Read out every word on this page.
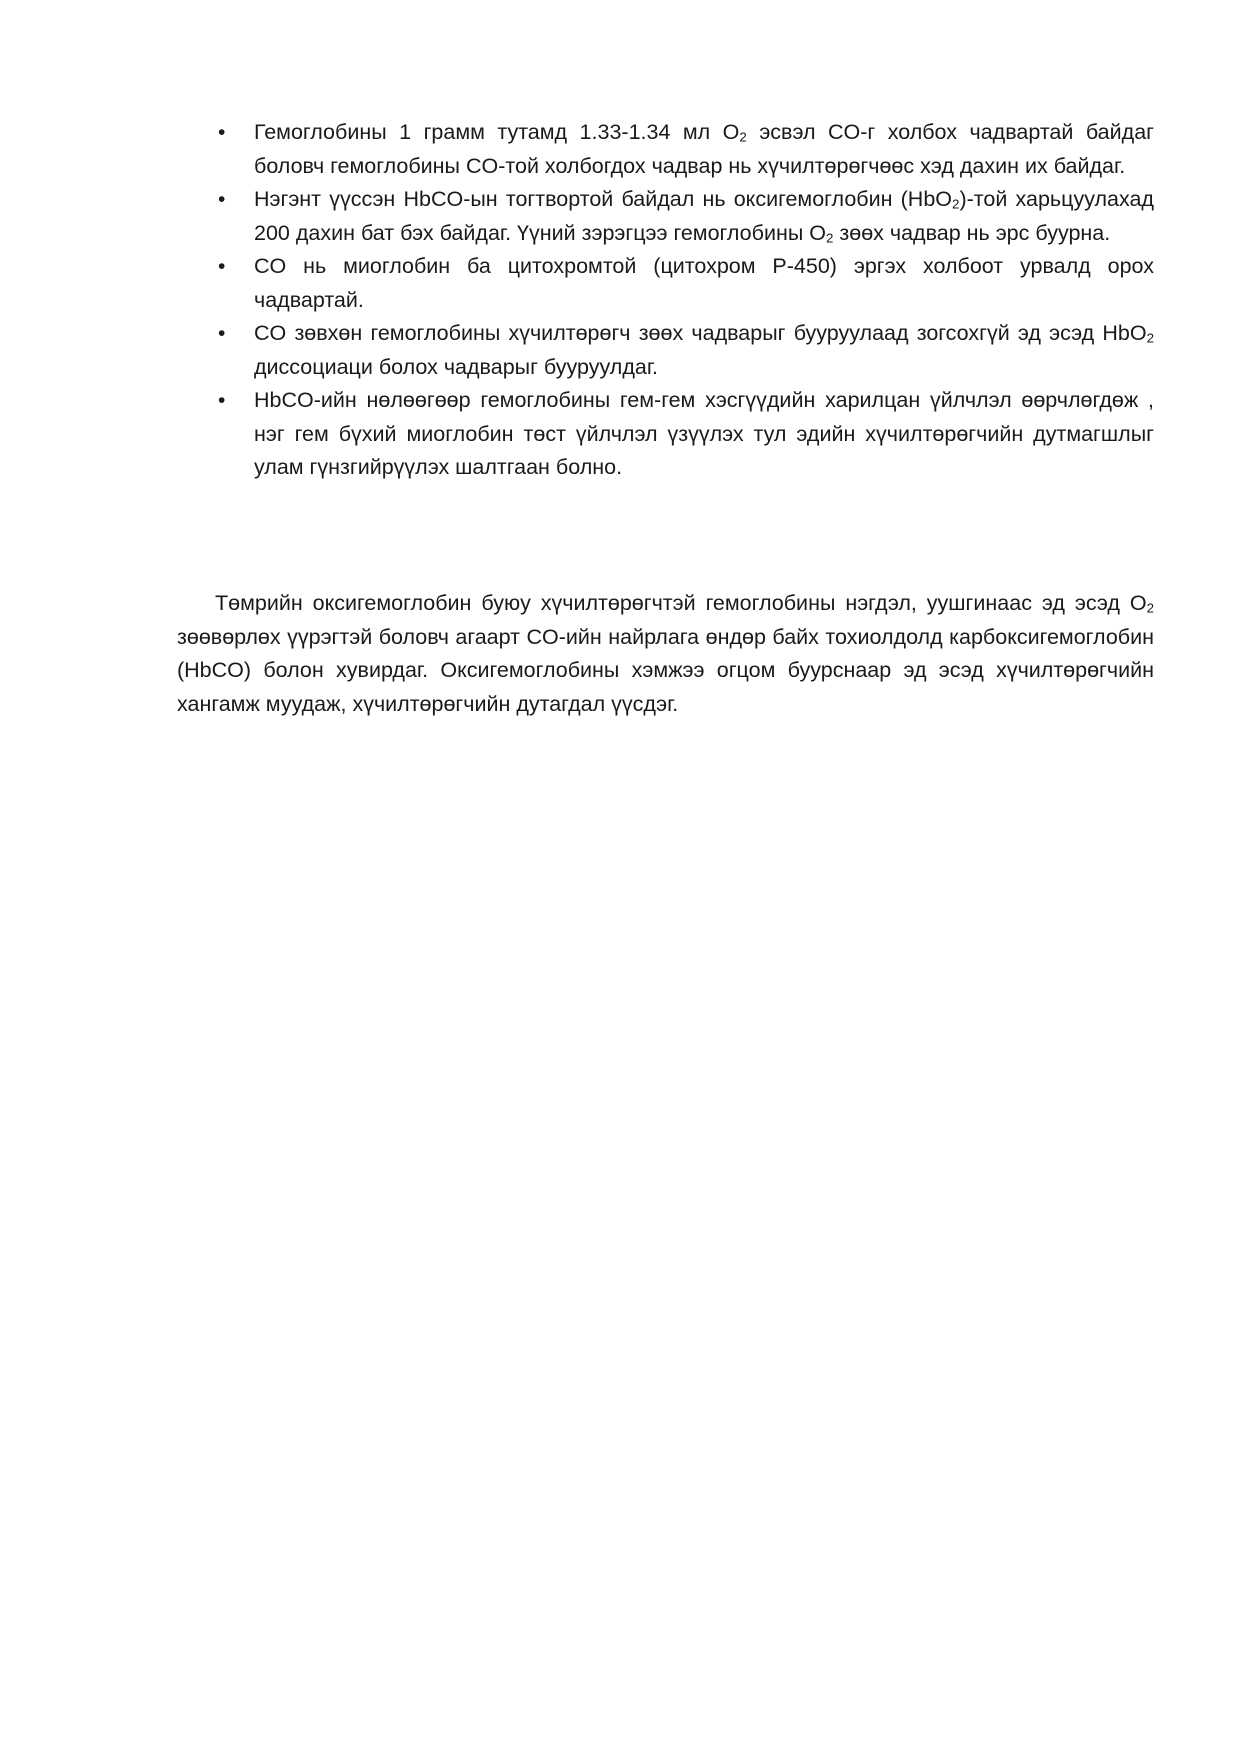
• Гемоглобины 1 грамм тутамд 1.33-1.34 мл $O_2$ эсвэл CO-г холбох чадвартай байдаг боловч гемоглобины CO-той холбогдох чадвар нь хүчилтөрөгчөөс хэд дахин их байдаг.
• Нэгэнт үүссэн HbCO-ын тогтвортой байдал нь оксигемоглобин (HbO$_2$)-той харьцуулахад 200 дахин бат бэх байдаг. Үүний зэрэгцээ гемоглобины $O_2$ зөөх чадвар нь эрс буурна.
• CO нь миоглобин ба цитохромтой (цитохром P-450) эргэх холбоот урвалд орох чадвартай.
• CO зөвхөн гемоглобины хүчилтөрөгч зөөх чадварыг бууруулаад зогсохгүй эд эсэд HbO$_2$ диссоциаци болох чадварыг бууруулдаг.
• HbCO-ийн нөлөөгөөр гемоглобины гем-гем хэсгүүдийн харилцан үйлчлэл өөрчлөгдөж , нэг гем бүхий миоглобин төст үйлчлэл үзүүлэх тул эдийн хүчилтөрөгчийн дутмагшлыг улам гүнзгийрүүлэх шалтгаан болно.

Төмрийн оксигемоглобин буюу хүчилтөрөгчтэй гемоглобины нэгдэл, уушгинаас эд эсэд $O_2$ зөөвөрлөх үүрэгтэй боловч агаарт CO-ийн найрлага өндөр байх тохиолдолд карбоксигемоглобин (HbCO) болон хувирдаг. Оксигемоглобины хэмжээ огцом буурснаар эд эсэд хүчилтөрөгчийн хангамж муудаж, хүчилтөрөгчийн дутагдал үүсдэг.
